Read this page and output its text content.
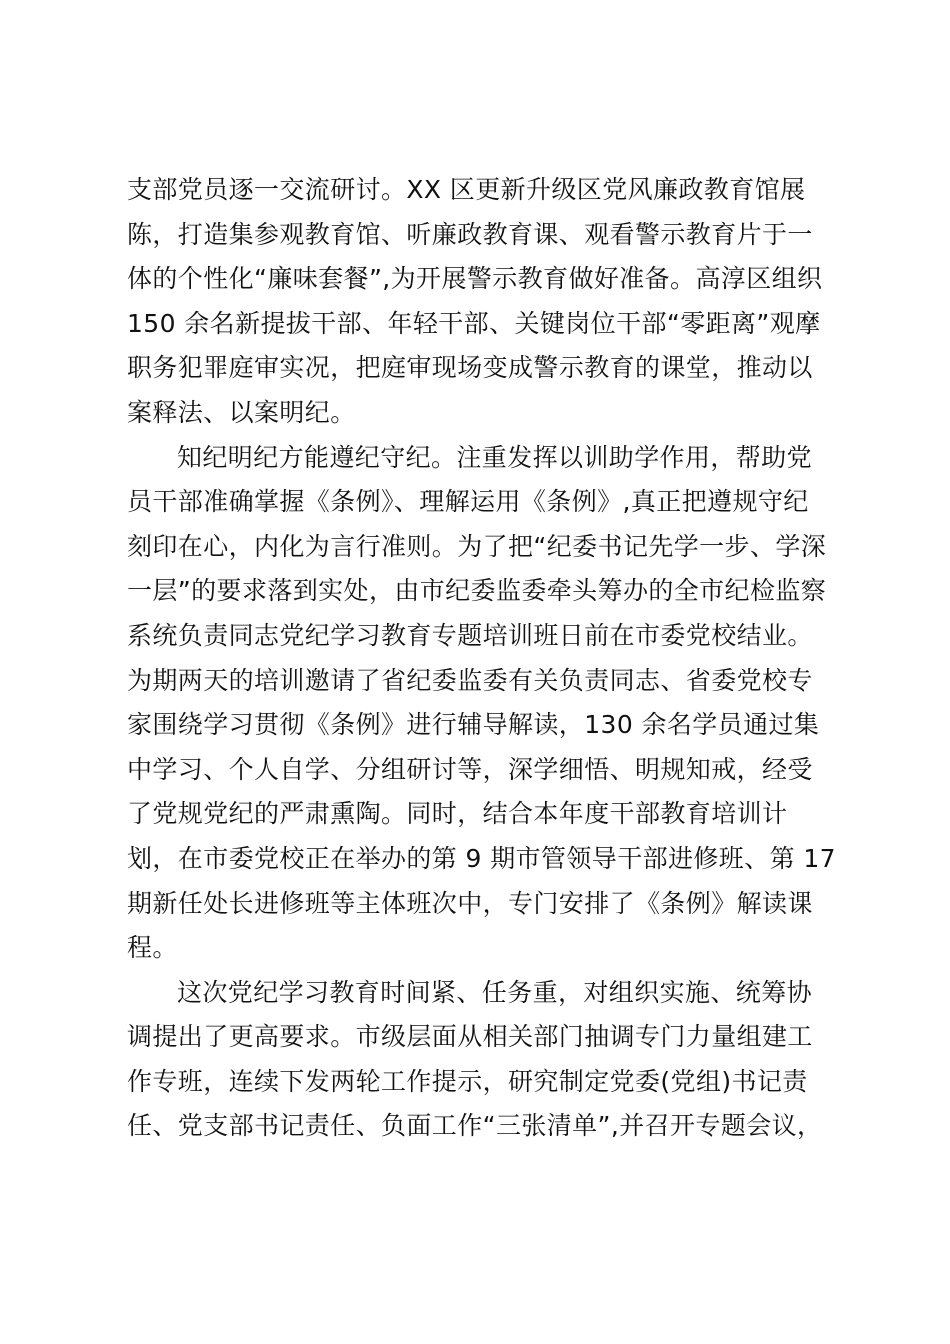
支部党员逐一交流研讨。XX 区更新升级区党风廉政教育馆展
陈，打造集参观教育馆、听廉政教育课、观看警示教育片于一
体的个性化“廉味套餐”,为开展警示教育做好准备。高淳区组织
150 余名新提拔干部、年轻干部、关键岗位干部“零距离”观摩
职务犯罪庭审实况，把庭审现场变成警示教育的课堂，推动以
案释法、以案明纪。
知纪明纪方能遵纪守纪。注重发挥以训助学作用，帮助党
员干部准确掌握《条例》、理解运用《条例》,真正把遵规守纪
刻印在心，内化为言行准则。为了把“纪委书记先学一步、学深
一层”的要求落到实处，由市纪委监委牵头筹办的全市纪检监察
系统负责同志党纪学习教育专题培训班日前在市委党校结业。
为期两天的培训邀请了省纪委监委有关负责同志、省委党校专
家围绕学习贯彻《条例》进行辅导解读，130 余名学员通过集
中学习、个人自学、分组研讨等，深学细悟、明规知戒，经受
了党规党纪的严肃熏陶。同时，结合本年度干部教育培训计
划，在市委党校正在举办的第 9 期市管领导干部进修班、第 17
期新任处长进修班等主体班次中，专门安排了《条例》解读课
程。
这次党纪学习教育时间紧、任务重，对组织实施、统筹协
调提出了更高要求。市级层面从相关部门抽调专门力量组建工
作专班，连续下发两轮工作提示，研究制定党委(党组)书记责
任、党支部书记责任、负面工作“三张清单”,并召开专题会议，
